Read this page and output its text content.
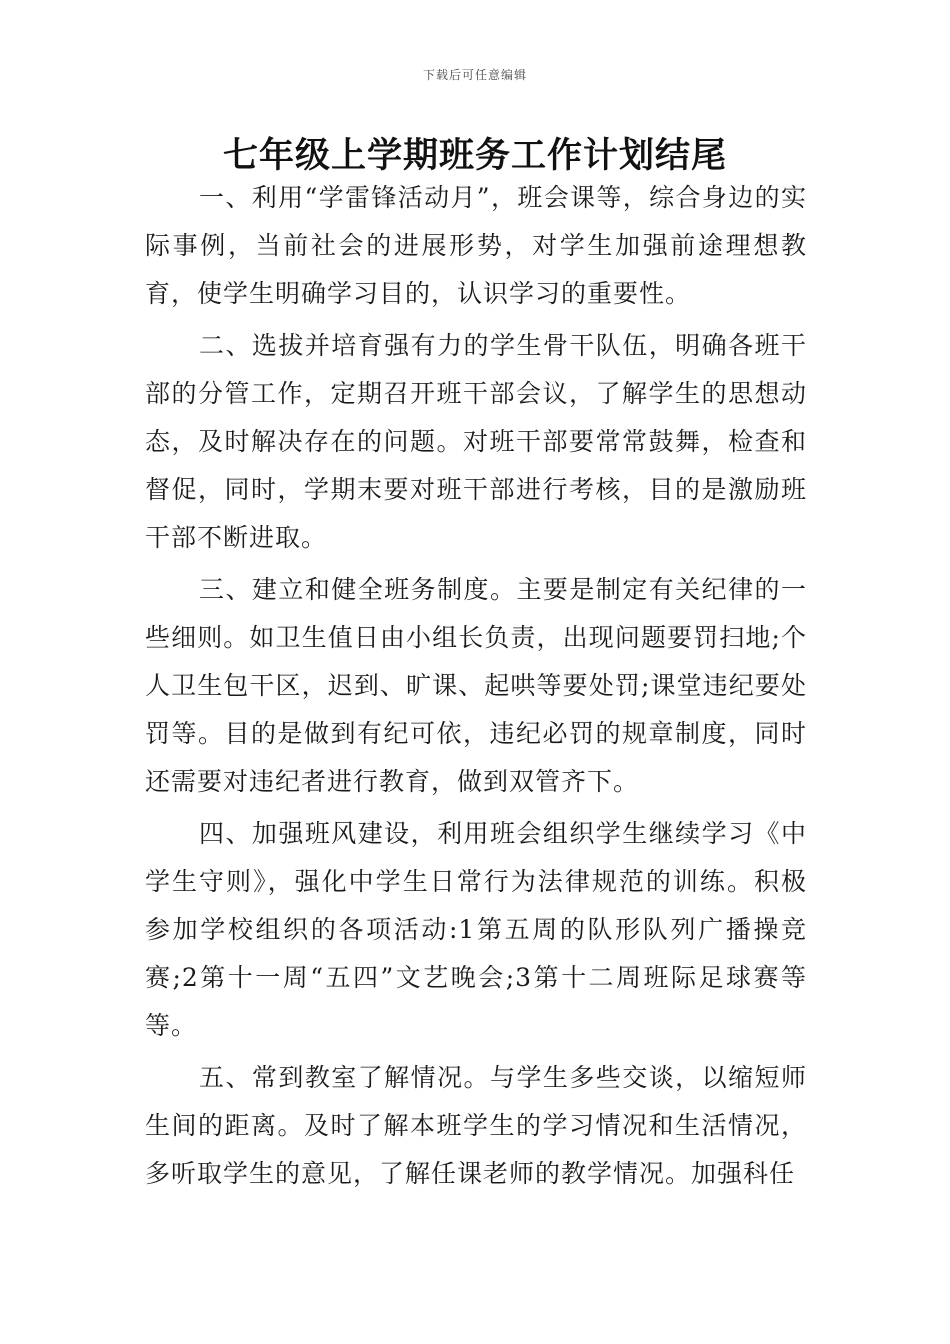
下载后可任意编辑
七年级上学期班务工作计划结尾

一、利用“学雷锋活动月”，班会课等，综合身边的实际事例，当前社会的进展形势，对学生加强前途理想教育，使学生明确学习目的，认识学习的重要性。

二、选拔并培育强有力的学生骨干队伍，明确各班干部的分管工作，定期召开班干部会议，了解学生的思想动态，及时解决存在的问题。对班干部要常常鼓舞，检查和督促，同时，学期末要对班干部进行考核，目的是激励班干部不断进取。

三、建立和健全班务制度。主要是制定有关纪律的一些细则。如卫生值日由小组长负责，出现问题要罚扫地;个人卫生包干区，迟到、旷课、起哄等要处罚;课堂违纪要处罚等。目的是做到有纪可依，违纪必罚的规章制度，同时还需要对违纪者进行教育，做到双管齐下。

四、加强班风建设，利用班会组织学生继续学习《中学生守则》，强化中学生日常行为法律规范的训练。积极参加学校组织的各项活动:1第五周的队形队列广播操竞赛;2第十一周“五四”文艺晚会;3第十二周班际足球赛等等。

五、常到教室了解情况。与学生多些交谈，以缩短师生间的距离。及时了解本班学生的学习情况和生活情况，多听取学生的意见，了解任课老师的教学情况。加强科任
